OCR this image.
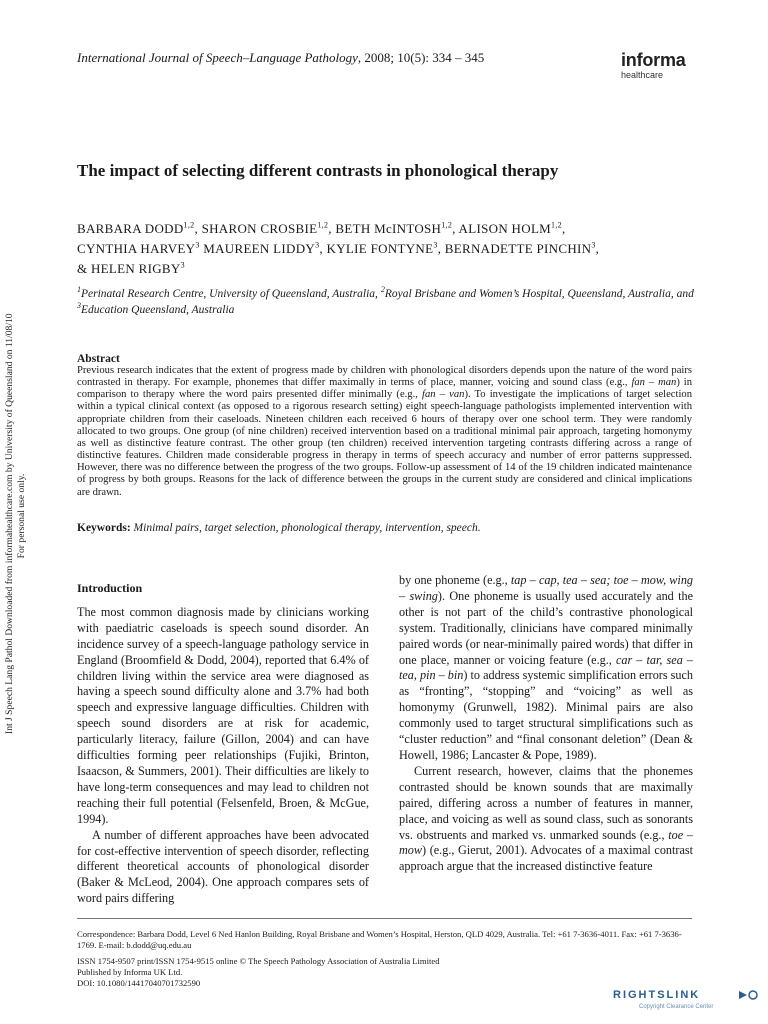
International Journal of Speech–Language Pathology, 2008; 10(5): 334 – 345	informa
healthcare
The impact of selecting different contrasts in phonological therapy
BARBARA DODD$^{1,2}$, SHARON CROSBIE$^{1,2}$, BETH McINTOSH$^{1,2}$, ALISON HOLM$^{1,2}$,
CYNTHIA HARVEY$^3$ MAUREEN LIDDY$^3$, KYLIE FONTYNE$^3$, BERNADETTE PINCHIN$^3$,
& HELEN RIGBY$^3$
$^1$Perinatal Research Centre, University of Queensland, Australia, $^2$Royal Brisbane and Women’s Hospital, Queensland, Australia, and $^3$Education Queensland, Australia
Abstract
Previous research indicates that the extent of progress made by children with phonological disorders depends upon the nature of the word pairs contrasted in therapy. For example, phonemes that differ maximally in terms of place, manner, voicing and sound class (e.g., fan – man) in comparison to therapy where the word pairs presented differ minimally (e.g., fan – van). To investigate the implications of target selection within a typical clinical context (as opposed to a rigorous research setting) eight speech-language pathologists implemented intervention with appropriate children from their caseloads. Nineteen children each received 6 hours of therapy over one school term. They were randomly allocated to two groups. One group (of nine children) received intervention based on a traditional minimal pair approach, targeting homonymy as well as distinctive feature contrast. The other group (ten children) received intervention targeting contrasts differing across a range of distinctive features. Children made considerable progress in therapy in terms of speech accuracy and number of error patterns suppressed. However, there was no difference between the progress of the two groups. Follow-up assessment of 14 of the 19 children indicated maintenance of progress by both groups. Reasons for the lack of difference between the groups in the current study are considered and clinical implications are drawn.
Keywords: Minimal pairs, target selection, phonological therapy, intervention, speech.
Int J Speech Lang Pathol Downloaded from informahealthcare.com by University of Queensland on 11/08/10 For personal use only.
Introduction

The most common diagnosis made by clinicians working with paediatric caseloads is speech sound disorder. An incidence survey of a speech-language pathology service in England (Broomfield & Dodd, 2004), reported that 6.4% of children living within the service area were diagnosed as having a speech sound difficulty alone and 3.7% had both speech and expressive language difficulties. Children with speech sound disorders are at risk for academic, particularly literacy, failure (Gillon, 2004) and can have difficulties forming peer relationships (Fujiki, Brinton, Isaacson, & Summers, 2001). Their difficulties are likely to have long-term consequences and may lead to children not reaching their full potential (Felsenfeld, Broen, & McGue, 1994).

A number of different approaches have been advocated for cost-effective intervention of speech disorder, reflecting different theoretical accounts of phonological disorder (Baker & McLeod, 2004). One approach compares sets of word pairs differing

by one phoneme (e.g., tap – cap, tea – sea; toe – mow, wing – swing). One phoneme is usually used accurately and the other is not part of the child’s contrastive phonological system. Traditionally, clinicians have compared minimally paired words (or near-minimally paired words) that differ in one place, manner or voicing feature (e.g., car – tar, sea – tea, pin – bin) to address systemic simplification errors such as “fronting”, “stopping” and “voicing” as well as homonymy (Grunwell, 1982). Minimal pairs are also commonly used to target structural simplifications such as “cluster reduction” and “final consonant deletion” (Dean & Howell, 1986; Lancaster & Pope, 1989).

Current research, however, claims that the phonemes contrasted should be known sounds that are maximally paired, differing across a number of features in manner, place, and voicing as well as sound class, such as sonorants vs. obstruents and marked vs. unmarked sounds (e.g., toe – mow) (e.g., Gierut, 2001). Advocates of a maximal contrast approach argue that the increased distinctive feature

Correspondence: Barbara Dodd, Level 6 Ned Hanlon Building, Royal Brisbane and Women’s Hospital, Herston, QLD 4029, Australia. Tel: +61 7-3636-4011. Fax: +61 7-3636-1769. E-mail: b.dodd@uq.edu.au
ISSN 1754-9507 print/ISSN 1754-9515 online © The Speech Pathology Association of Australia Limited
Published by Informa UK Ltd.
DOI: 10.1080/14417040701732590
RIGHTSLINK
Copyright Clearance Center
